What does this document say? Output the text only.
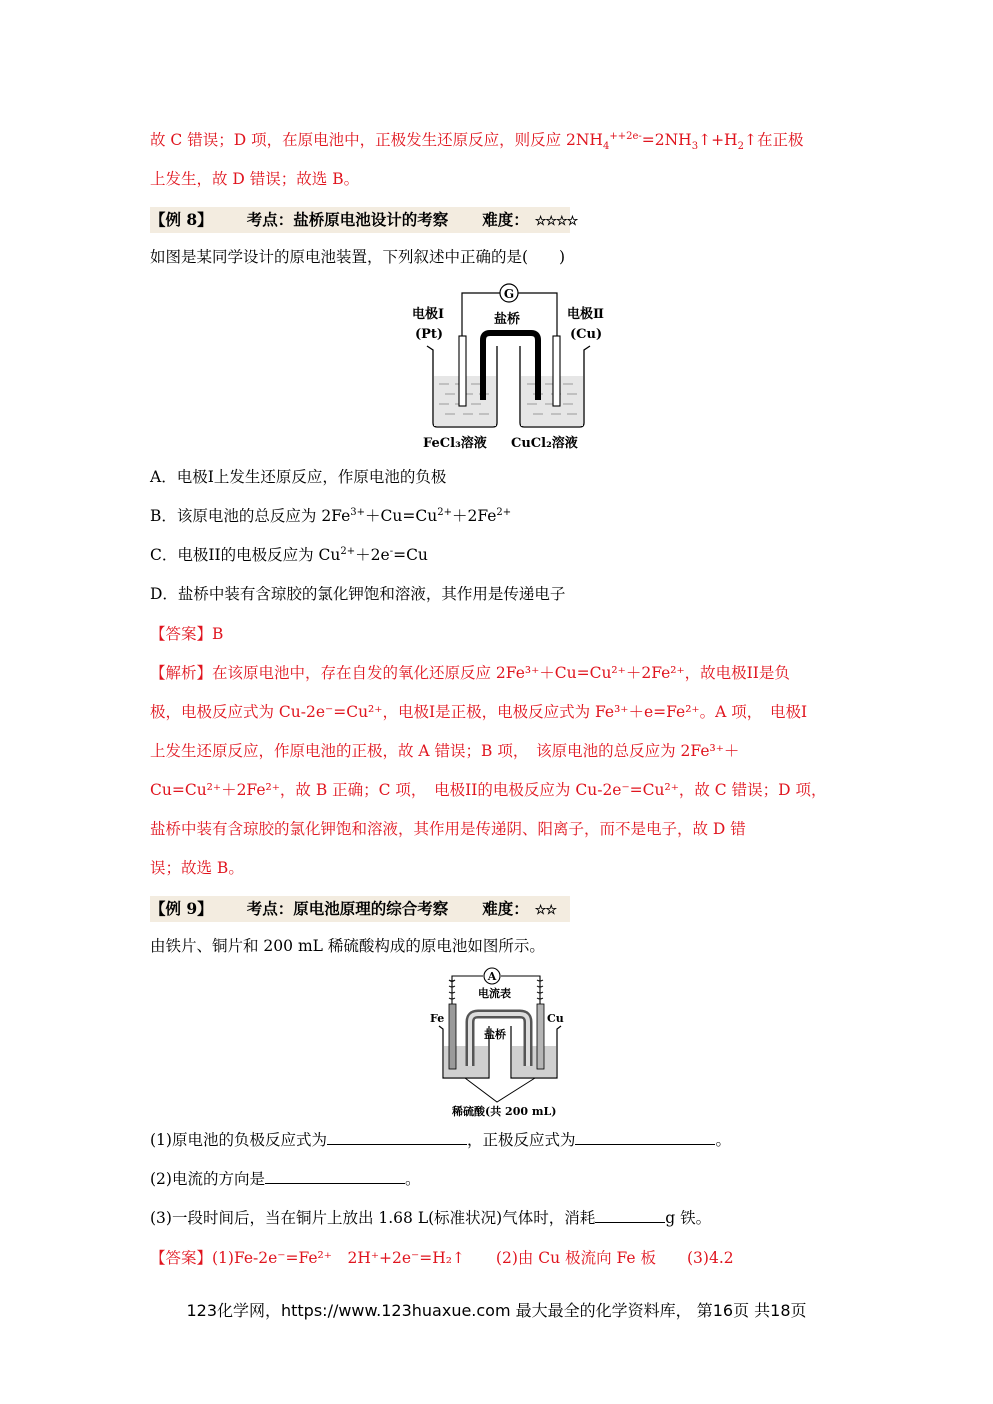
故 C 错误；D 项，在原电池中，正极发生还原反应，则反应 $2NH_4^{++2e-}=2NH_3↑+H_2↑$在正极
上发生，故 D 错误；故选 B。
【例 8】 考点：盐桥原电池设计的考察 难度： ☆☆☆☆
如图是某同学设计的原电池装置，下列叙述中正确的是(　　)
G
电极Ⅰ
(Pt)
盐桥	电极Ⅱ
(Cu)
FeCl₃溶液 CuCl₂溶液
A．电极I上发生还原反应，作原电池的负极
B．该原电池的总反应为 $2Fe^{3+}+Cu=Cu^{2+}+2Fe^{2+}$
C．电极II的电极反应为 $Cu^{2+}+2e^-=Cu$
D．盐桥中装有含琼胶的氯化钾饱和溶液，其作用是传递电子
【答案】B
【解析】在该原电池中，存在自发的氧化还原反应 2Fe³⁺＋Cu=Cu²⁺＋2Fe²⁺，故电极II是负
极，电极反应式为 Cu-2e⁻=Cu²⁺，电极I是正极，电极反应式为 Fe³⁺＋e=Fe²⁺。A 项，　电极I
上发生还原反应，作原电池的正极，故 A 错误；B 项，　该原电池的总反应为 2Fe³⁺＋
Cu=Cu²⁺＋2Fe²⁺，故 B 正确；C 项，　电极II的电极反应为 Cu-2e⁻=Cu²⁺，故 C 错误；D 项，
盐桥中装有含琼胶的氯化钾饱和溶液，其作用是传递阴、阳离子，而不是电子，故 D 错
误；故选 B。
【例 9】 考点：原电池原理的综合考察 难度： ☆☆
由铁片、铜片和 200 mL 稀硫酸构成的原电池如图所示。
A
电流表
Fe	Cu
盐桥
稀硫酸(共 200 mL)
(1)原电池的负极反应式为	，正极反应式为	。
(2)电流的方向是	。
(3)一段时间后，当在铜片上放出 1.68 L(标准状况)气体时，消耗	g 铁。
【答案】(1)Fe-2e⁻=Fe²⁺　2H⁺+2e⁻=H₂↑　　(2)由 Cu 极流向 Fe 板　　(3)4.2
123化学网，https://www.123huaxue.com 最大最全的化学资料库， 第16页 共18页
